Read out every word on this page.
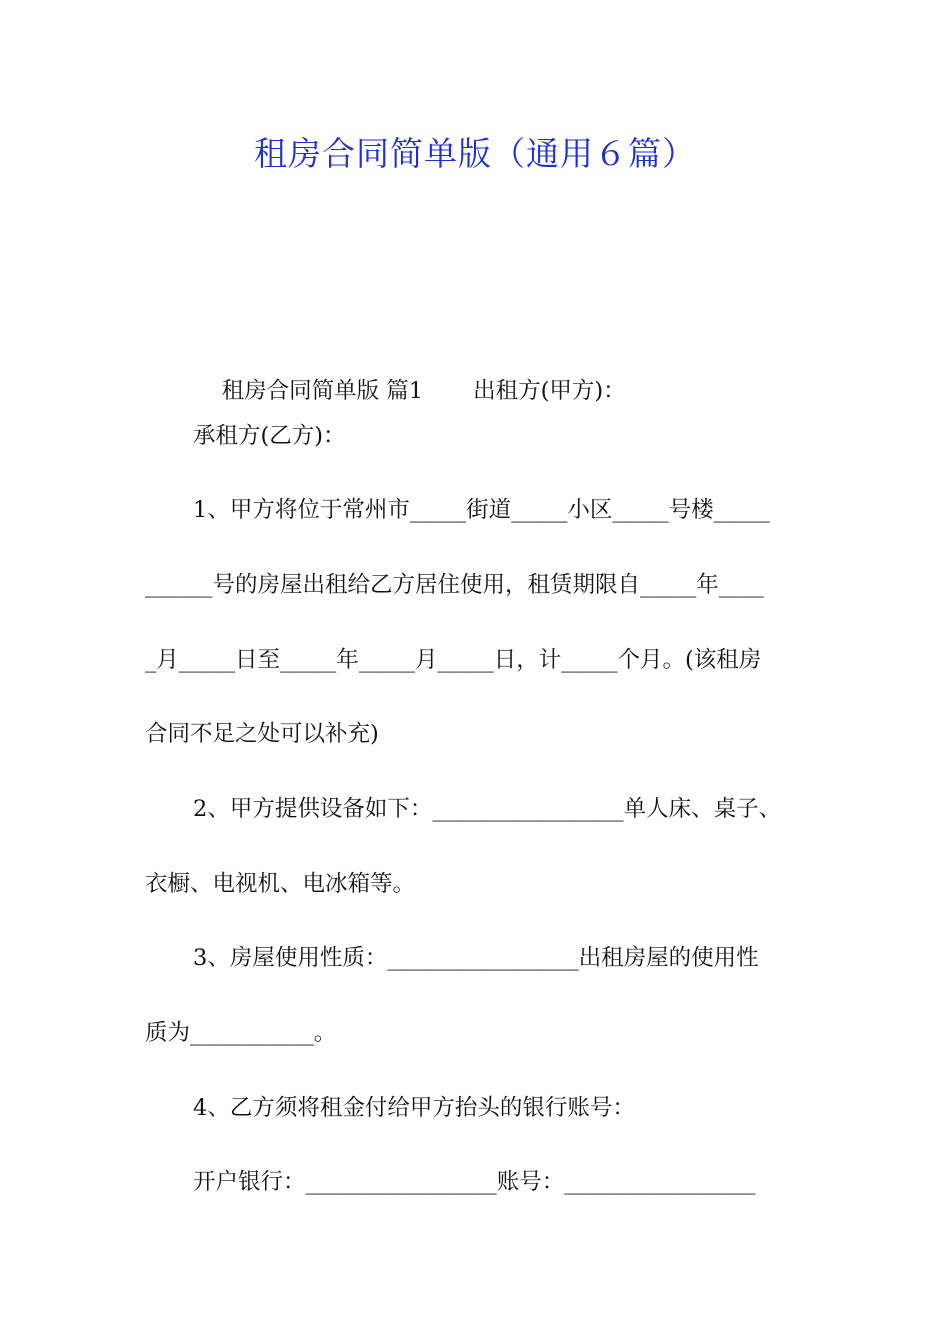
租房合同简单版（通用６篇）

租房合同简单版 篇1 出租方(甲方)：

承租方(乙方)：
1、甲方将位于常州市_____街道_____小区_____号楼_____
______号的房屋出租给乙方居住使用，租赁期限自_____年____
_月_____日至_____年_____月_____日，计_____个月。(该租房
合同不足之处可以补充)
2、甲方提供设备如下：_________________单人床、桌子、
衣橱、电视机、电冰箱等。
3、房屋使用性质：_________________出租房屋的使用性
质为___________。
4、乙方须将租金付给甲方抬头的银行账号：
开户银行：_________________账号：_________________
